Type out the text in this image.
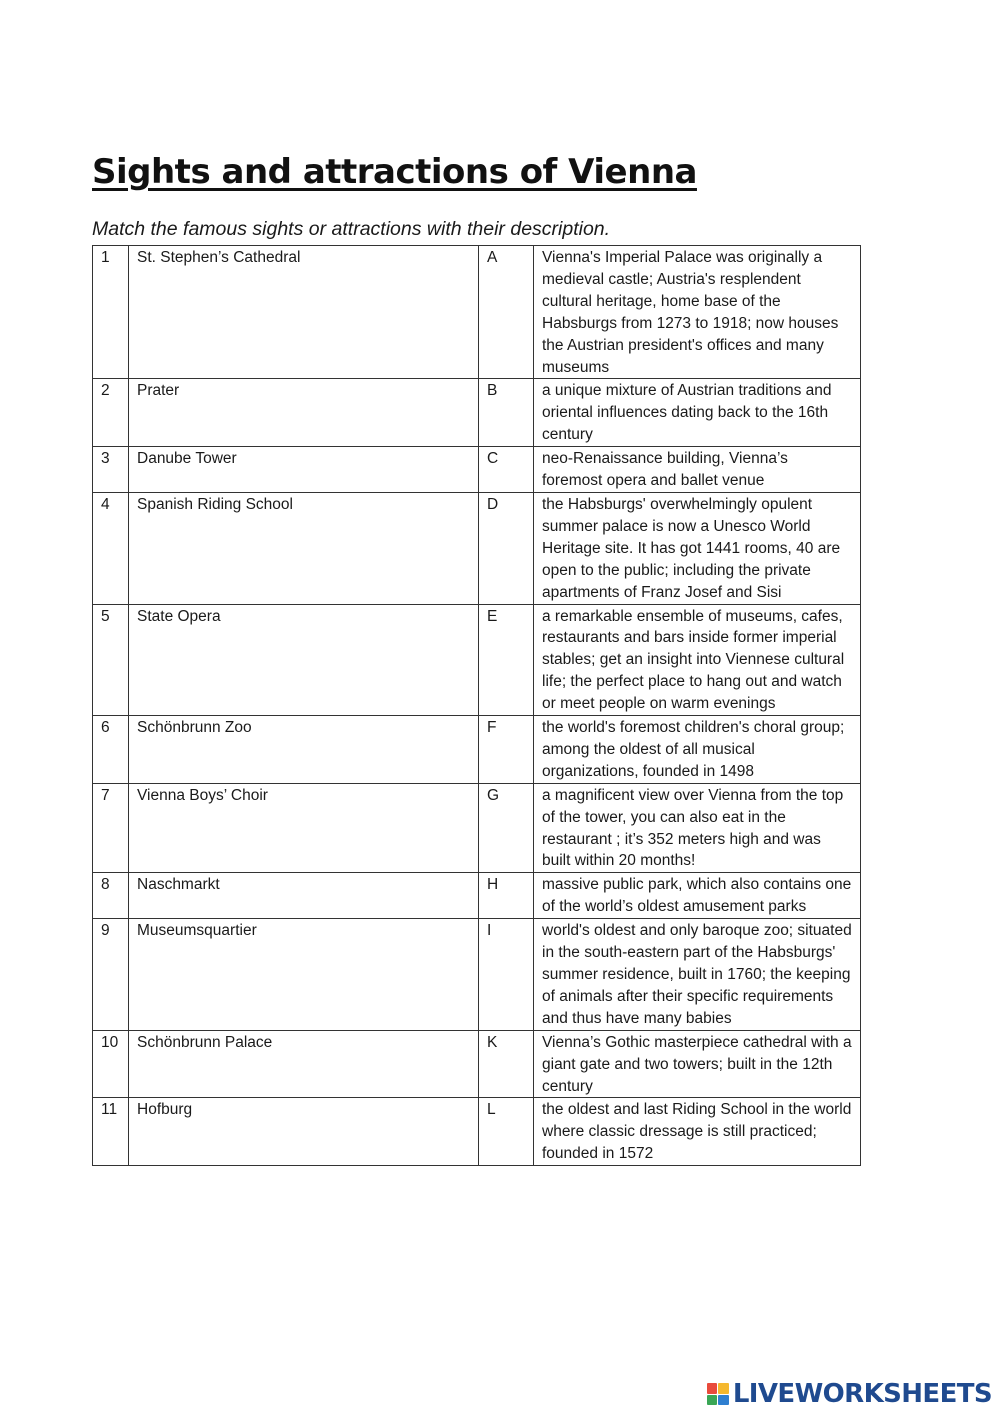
Sights and attractions of Vienna

Match the famous sights or attractions with their description.

1	St. Stephen’s Cathedral	A	Vienna's Imperial Palace was originally a medieval castle; Austria's resplendent cultural heritage, home base of the Habsburgs from 1273 to 1918; now houses the Austrian president's offices and many museums
2	Prater	B	a unique mixture of Austrian traditions and oriental influences dating back to the 16th century
3	Danube Tower	C	neo-Renaissance building, Vienna’s foremost opera and ballet venue
4	Spanish Riding School	D	the Habsburgs' overwhelmingly opulent summer palace is now a Unesco World Heritage site. It has got 1441 rooms, 40 are open to the public; including the private apartments of Franz Josef and Sisi
5	State Opera	E	a remarkable ensemble of museums, cafes, restaurants and bars inside former imperial stables; get an insight into Viennese cultural life; the perfect place to hang out and watch or meet people on warm evenings
6	Schönbrunn Zoo	F	the world's foremost children's choral group; among the oldest of all musical organizations, founded in 1498
7	Vienna Boys’ Choir	G	a magnificent view over Vienna from the top of the tower, you can also eat in the restaurant ; it’s 352 meters high and was built within 20 months!
8	Naschmarkt	H	massive public park, which also contains one of the world’s oldest amusement parks
9	Museumsquartier	I	world's oldest and only baroque zoo; situated in the south-eastern part of the Habsburgs' summer residence, built in 1760; the keeping of animals after their specific requirements and thus have many babies
10	Schönbrunn Palace	K	Vienna’s Gothic masterpiece cathedral with a giant gate and two towers; built in the 12th century
11	Hofburg	L	the oldest and last Riding School in the world where classic dressage is still practiced; founded in 1572
LIVEWORKSHEETS
